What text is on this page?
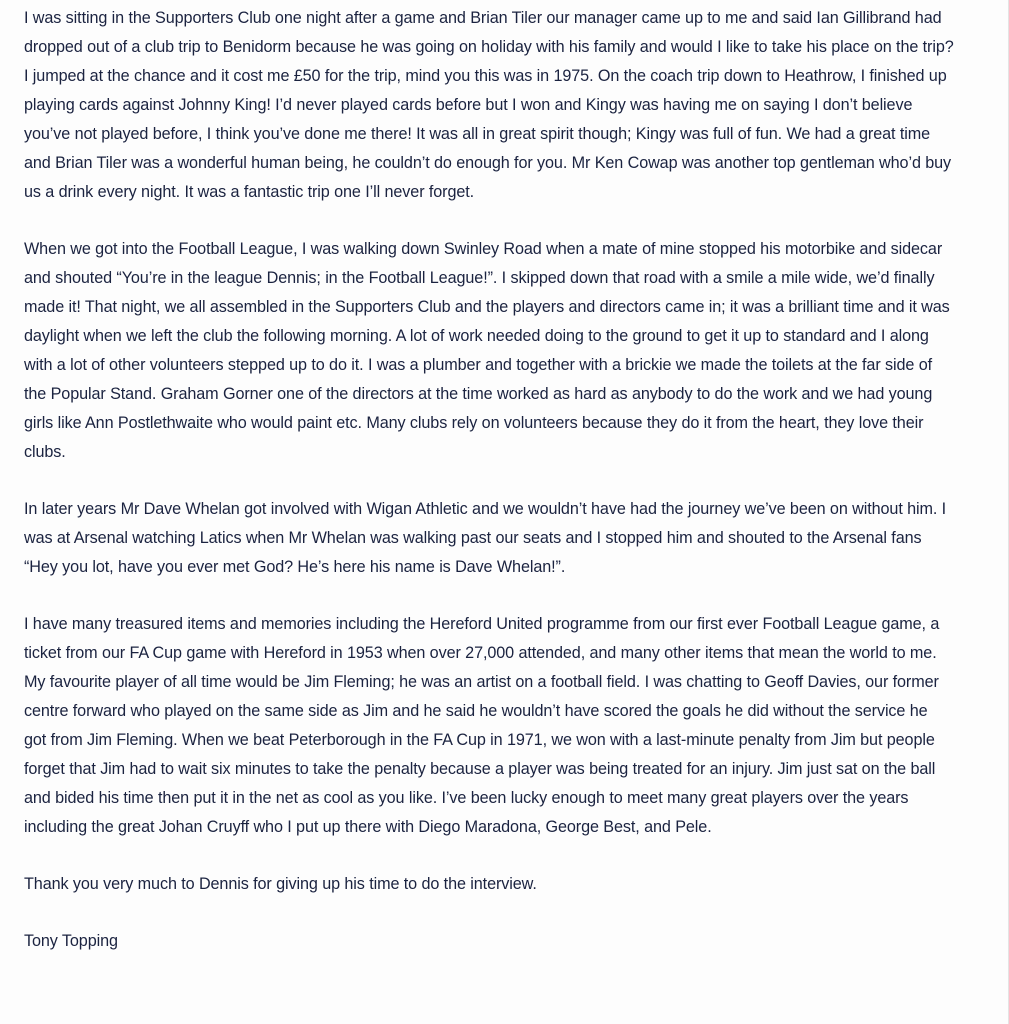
I was sitting in the Supporters Club one night after a game and Brian Tiler our manager came up to me and said Ian Gillibrand had dropped out of a club trip to Benidorm because he was going on holiday with his family and would I like to take his place on the trip? I jumped at the chance and it cost me £50 for the trip, mind you this was in 1975. On the coach trip down to Heathrow, I finished up playing cards against Johnny King! I’d never played cards before but I won and Kingy was having me on saying I don’t believe you’ve not played before, I think you’ve done me there! It was all in great spirit though; Kingy was full of fun. We had a great time and Brian Tiler was a wonderful human being, he couldn’t do enough for you. Mr Ken Cowap was another top gentleman who’d buy us a drink every night. It was a fantastic trip one I’ll never forget.

When we got into the Football League, I was walking down Swinley Road when a mate of mine stopped his motorbike and sidecar and shouted “You’re in the league Dennis; in the Football League!”. I skipped down that road with a smile a mile wide, we’d finally made it! That night, we all assembled in the Supporters Club and the players and directors came in; it was a brilliant time and it was daylight when we left the club the following morning. A lot of work needed doing to the ground to get it up to standard and I along with a lot of other volunteers stepped up to do it. I was a plumber and together with a brickie we made the toilets at the far side of the Popular Stand. Graham Gorner one of the directors at the time worked as hard as anybody to do the work and we had young girls like Ann Postlethwaite who would paint etc. Many clubs rely on volunteers because they do it from the heart, they love their clubs.

In later years Mr Dave Whelan got involved with Wigan Athletic and we wouldn’t have had the journey we’ve been on without him. I was at Arsenal watching Latics when Mr Whelan was walking past our seats and I stopped him and shouted to the Arsenal fans “Hey you lot, have you ever met God? He’s here his name is Dave Whelan!”.

I have many treasured items and memories including the Hereford United programme from our first ever Football League game, a ticket from our FA Cup game with Hereford in 1953 when over 27,000 attended, and many other items that mean the world to me. My favourite player of all time would be Jim Fleming; he was an artist on a football field. I was chatting to Geoff Davies, our former centre forward who played on the same side as Jim and he said he wouldn’t have scored the goals he did without the service he got from Jim Fleming. When we beat Peterborough in the FA Cup in 1971, we won with a last-minute penalty from Jim but people forget that Jim had to wait six minutes to take the penalty because a player was being treated for an injury. Jim just sat on the ball and bided his time then put it in the net as cool as you like. I’ve been lucky enough to meet many great players over the years including the great Johan Cruyff who I put up there with Diego Maradona, George Best, and Pele.

Thank you very much to Dennis for giving up his time to do the interview.

Tony Topping
